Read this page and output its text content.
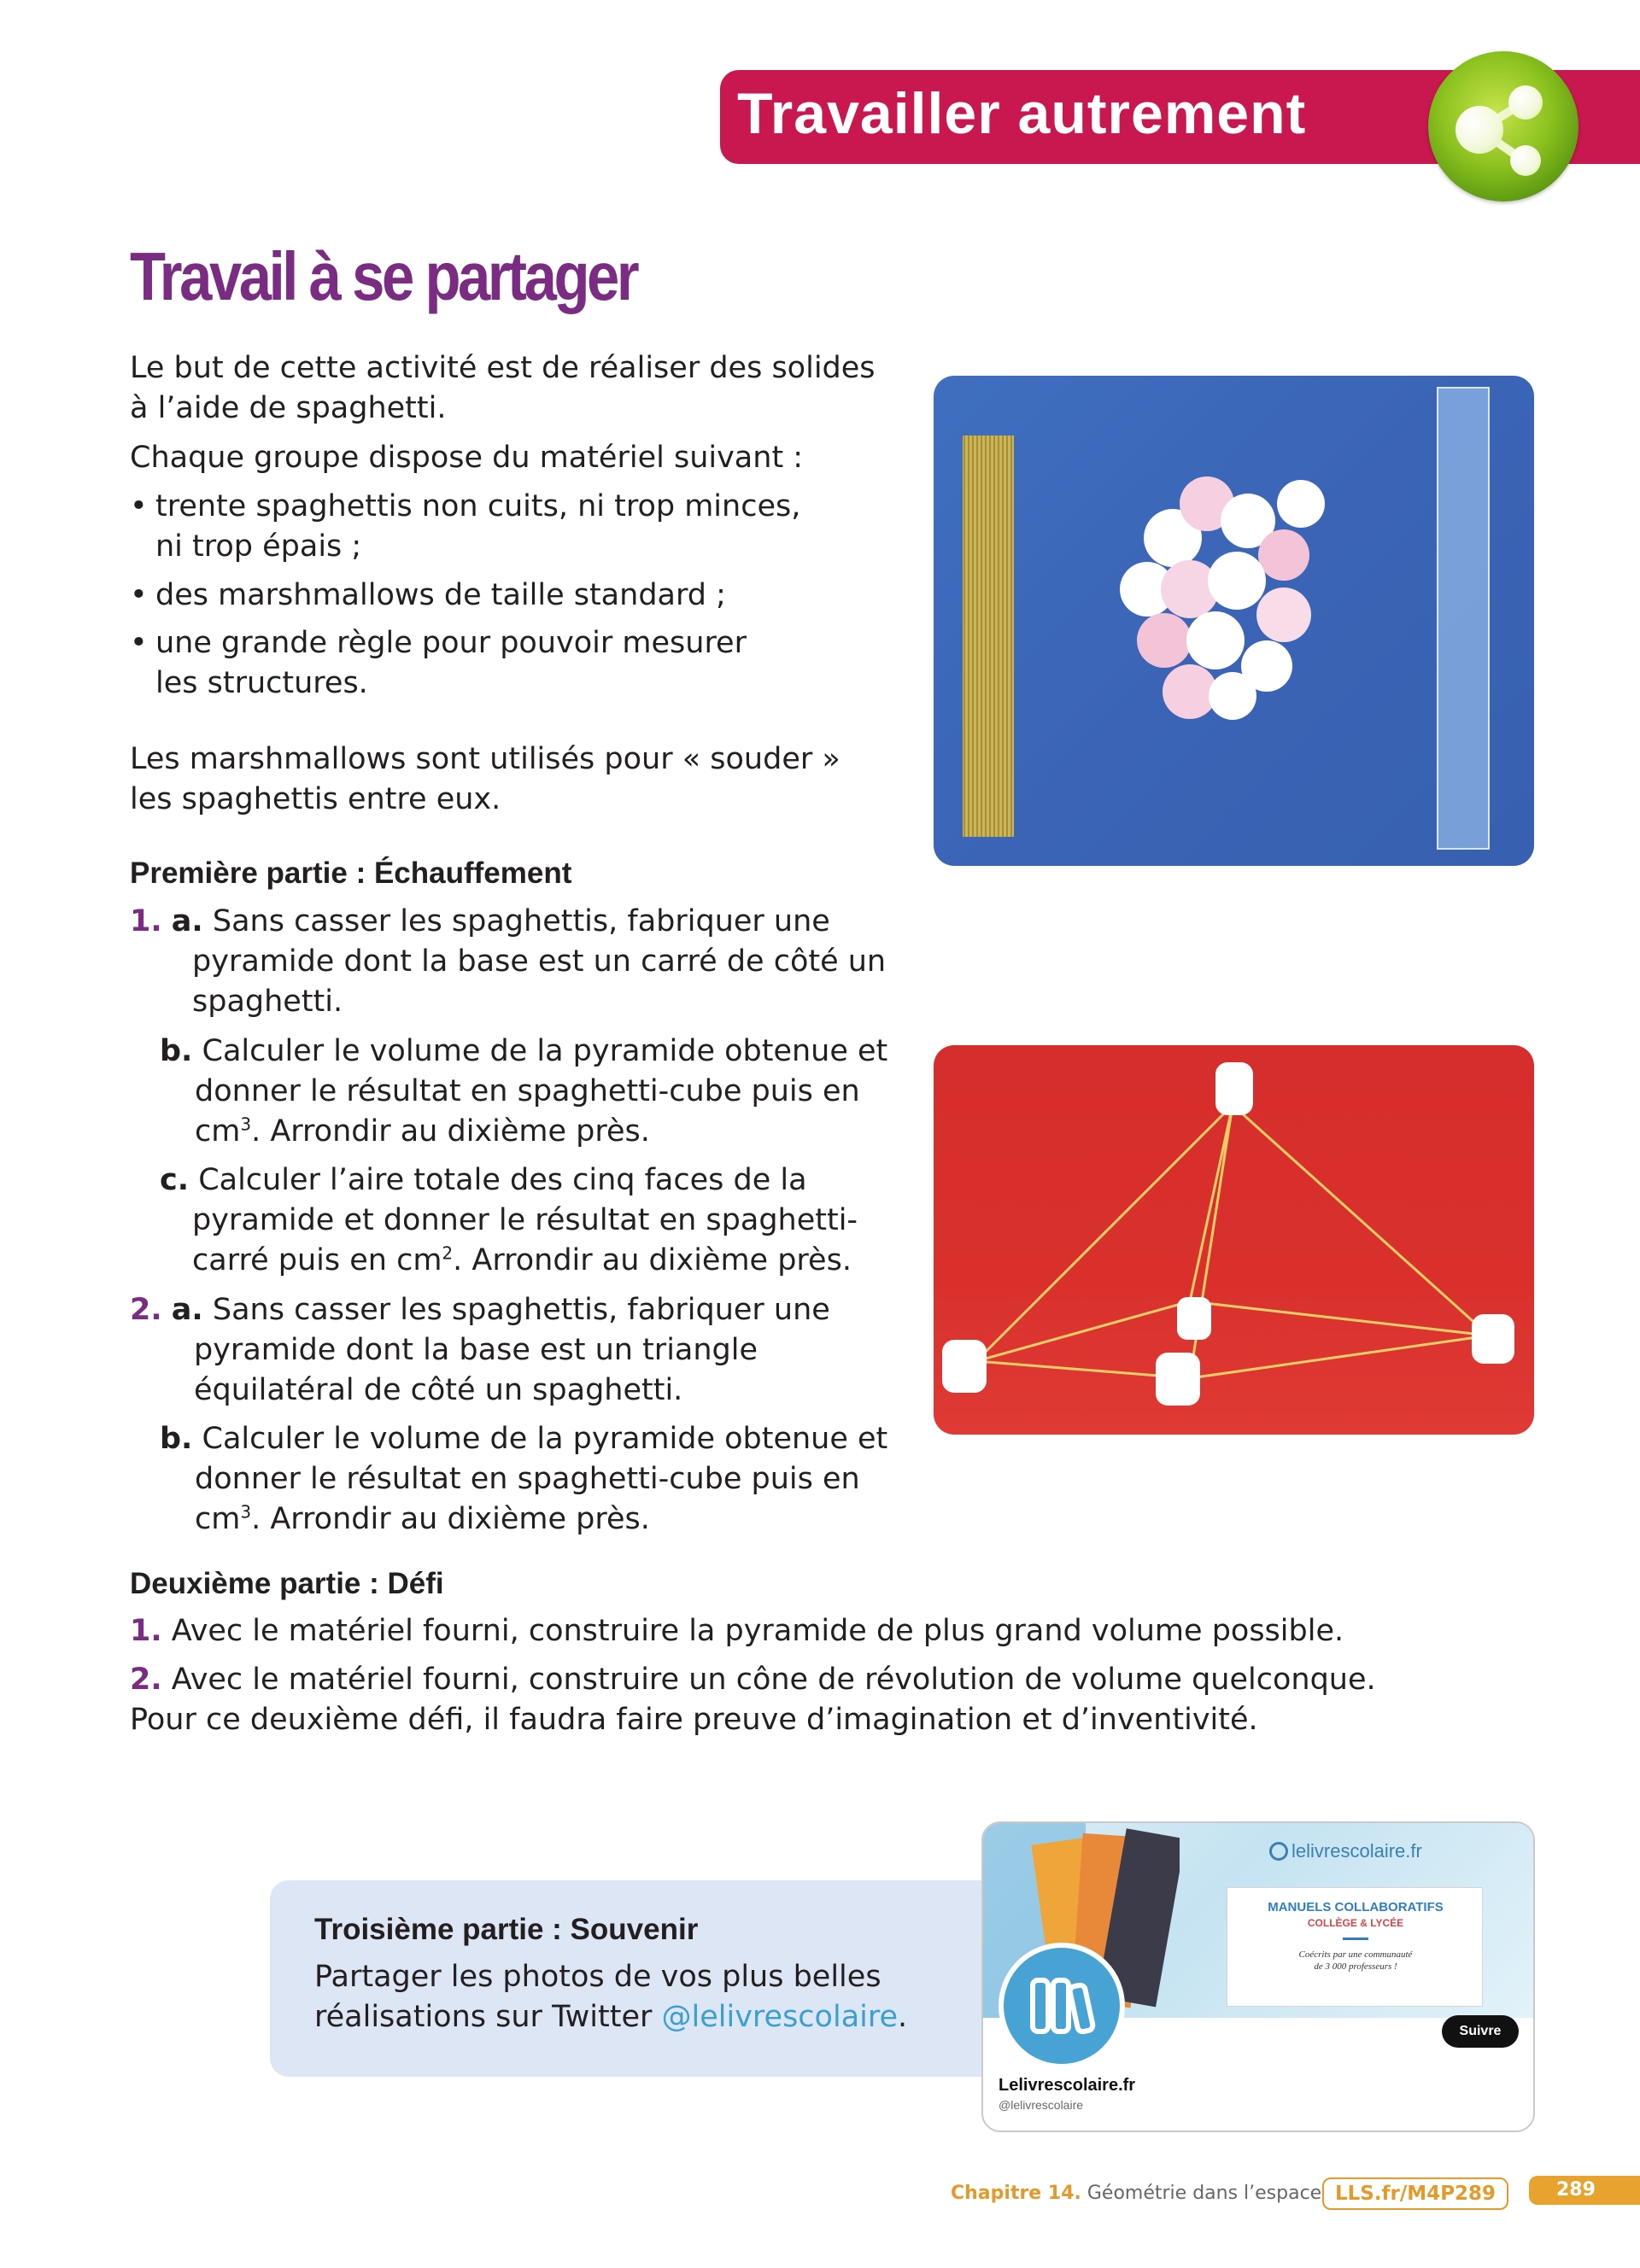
Travailler autrement
Travail à se partager
Le but de cette activité est de réaliser des solides
à l’aide de spaghetti.
Chaque groupe dispose du matériel suivant :
• trente spaghettis non cuits, ni trop minces,
ni trop épais ;
• des marshmallows de taille standard ;
• une grande règle pour pouvoir mesurer
les structures.
Les marshmallows sont utilisés pour « souder »
les spaghettis entre eux.
Première partie : Échauffement
1. a. Sans casser les spaghettis, fabriquer une
pyramide dont la base est un carré de côté un
spaghetti.
b. Calculer le volume de la pyramide obtenue et
donner le résultat en spaghetti-cube puis en
$cm^3$. Arrondir au dixième près.
c. Calculer l’aire totale des cinq faces de la
pyramide et donner le résultat en spaghetti-
carré puis en $cm^2$. Arrondir au dixième près.
2. a. Sans casser les spaghettis, fabriquer une
pyramide dont la base est un triangle
équilatéral de côté un spaghetti.
b. Calculer le volume de la pyramide obtenue et
donner le résultat en spaghetti-cube puis en
$cm^3$. Arrondir au dixième près.
Deuxième partie : Défi
1. Avec le matériel fourni, construire la pyramide de plus grand volume possible.
2. Avec le matériel fourni, construire un cône de révolution de volume quelconque.
Pour ce deuxième défi, il faudra faire preuve d’imagination et d’inventivité.
Troisième partie : Souvenir
Partager les photos de vos plus belles
réalisations sur Twitter @lelivrescolaire.
lelivrescolaire.fr
MANUELS COLLABORATIFS
COLLÈGE & LYCÉE
Coécrits par une communauté
de 3 000 professeurs !
Suivre
Lelivrescolaire.fr
@lelivrescolaire
Chapitre 14. Géométrie dans l’espace LLS.fr/M4P289	289
